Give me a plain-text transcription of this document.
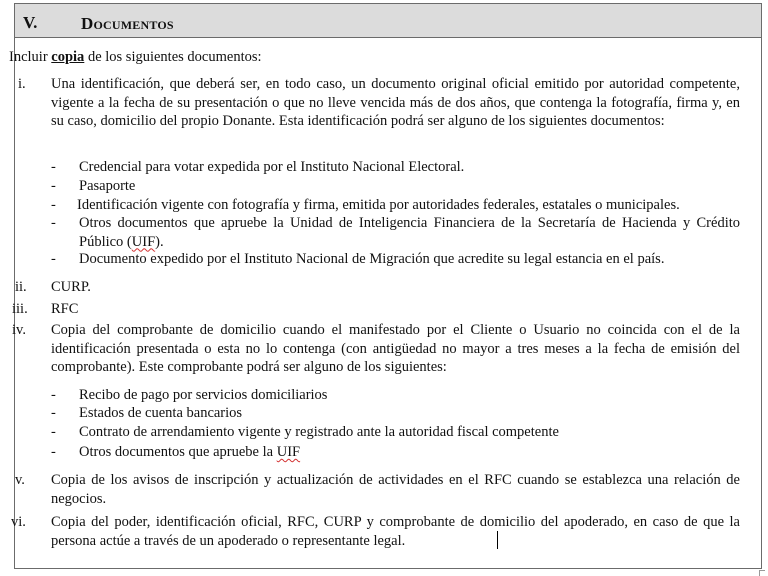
V.	Documentos
Incluir copia de los siguientes documentos:
i.	Una identificación, que deberá ser, en todo caso, un documento original oficial emitido por autoridad competente, vigente a la fecha de su presentación o que no lleve vencida más de dos años, que contenga la fotografía, firma y, en su caso, domicilio del propio Donante. Esta identificación podrá ser alguno de los siguientes documentos:
- Credencial para votar expedida por el Instituto Nacional Electoral.
- Pasaporte
- Identificación vigente con fotografía y firma, emitida por autoridades federales, estatales o municipales.
- Otros documentos que apruebe la Unidad de Inteligencia Financiera de la Secretaría de Hacienda y Crédito Público (UIF).
- Documento expedido por el Instituto Nacional de Migración que acredite su legal estancia en el país.
ii.	CURP.
iii.	RFC
iv.	Copia del comprobante de domicilio cuando el manifestado por el Cliente o Usuario no coincida con el de la identificación presentada o esta no lo contenga (con antigüedad no mayor a tres meses a la fecha de emisión del comprobante). Este comprobante podrá ser alguno de los siguientes:
- Recibo de pago por servicios domiciliarios
- Estados de cuenta bancarios
- Contrato de arrendamiento vigente y registrado ante la autoridad fiscal competente
- Otros documentos que apruebe la UIF
v.	Copia de los avisos de inscripción y actualización de actividades en el RFC cuando se establezca una relación de negocios.
vi.	Copia del poder, identificación oficial, RFC, CURP y comprobante de domicilio del apoderado, en caso de que la persona actúe a través de un apoderado o representante legal.
